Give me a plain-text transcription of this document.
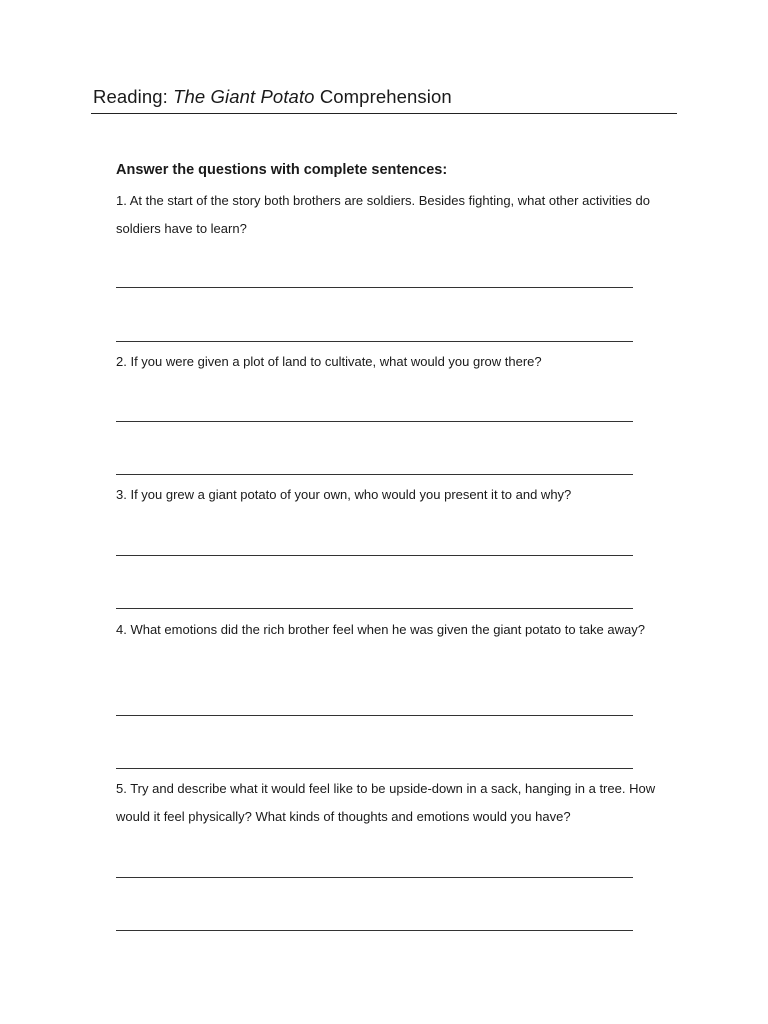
Reading: The Giant Potato Comprehension
Answer the questions with complete sentences:
1. At the start of the story both brothers are soldiers. Besides fighting, what other activities do soldiers have to learn?
2. If you were given a plot of land to cultivate, what would you grow there?
3. If you grew a giant potato of your own, who would you present it to and why?
4. What emotions did the rich brother feel when he was given the giant potato to take away?
5. Try and describe what it would feel like to be upside-down in a sack, hanging in a tree. How would it feel physically? What kinds of thoughts and emotions would you have?
